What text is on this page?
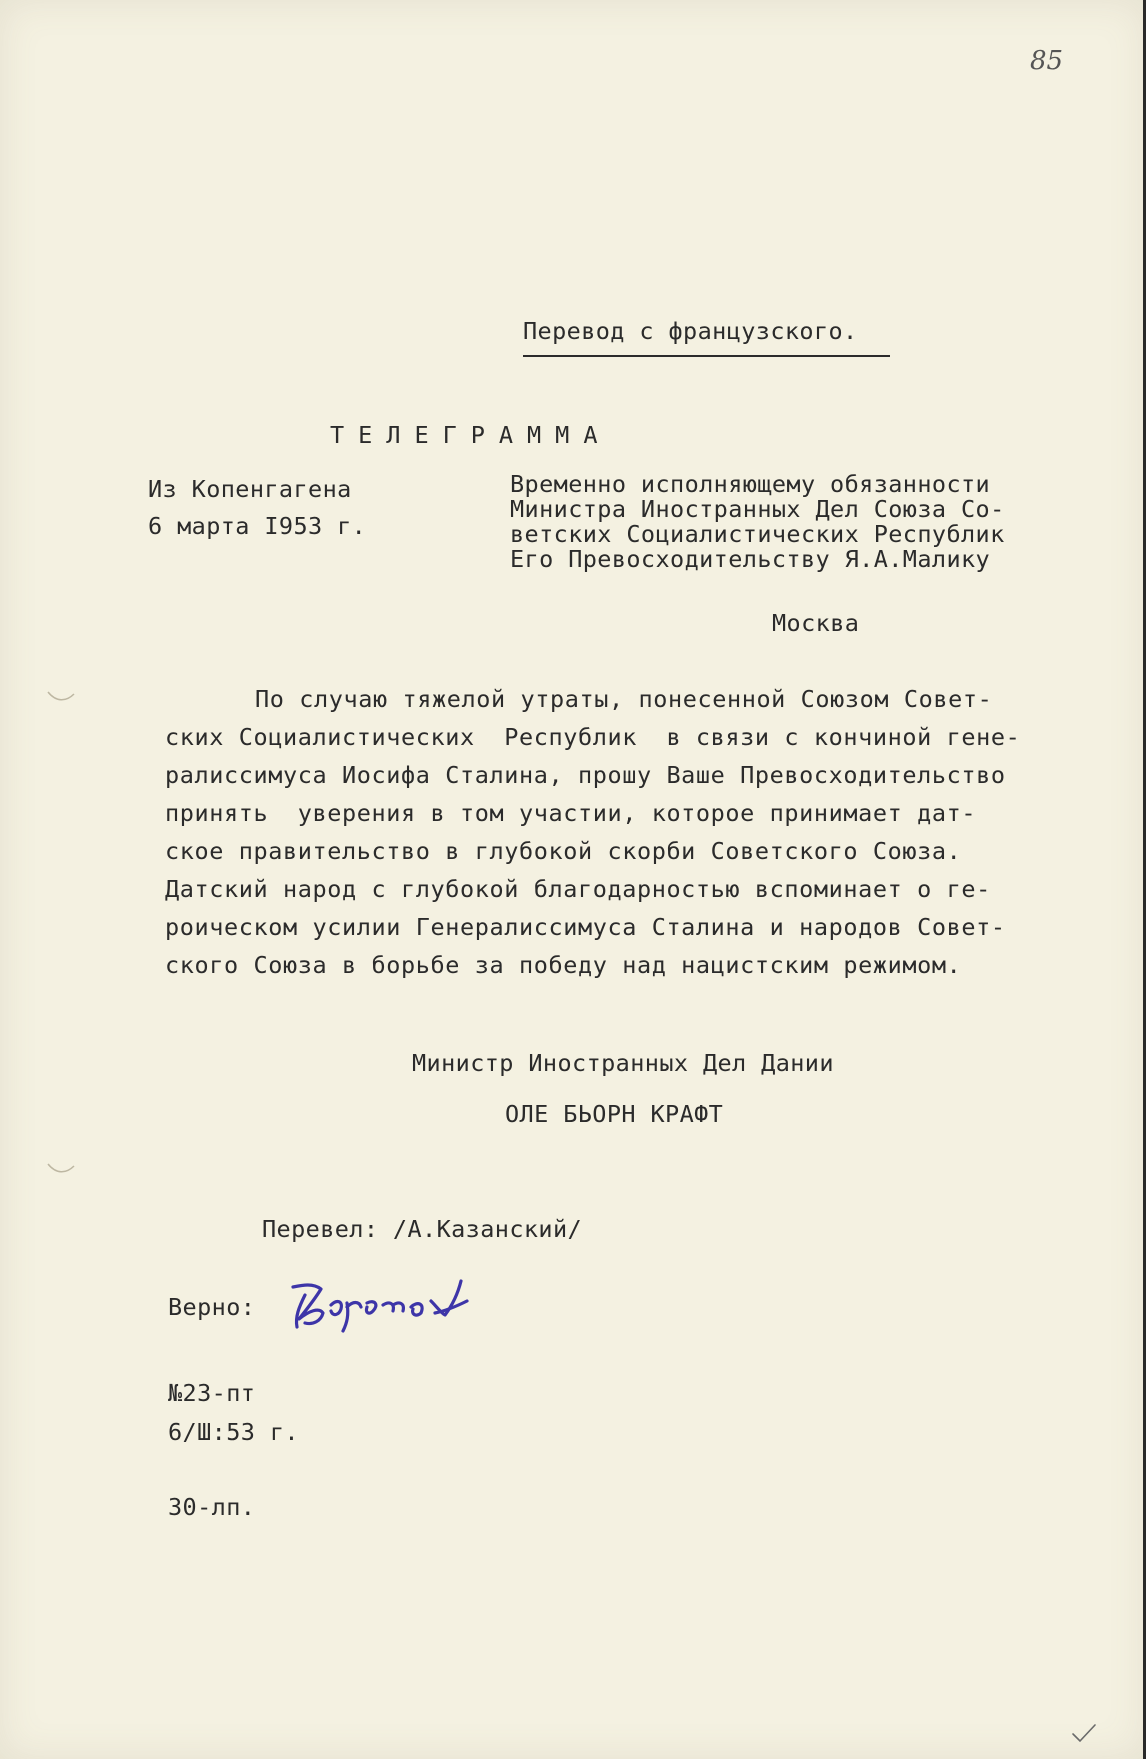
85
Перевод с французского.
ТЕЛЕГРАММА
Из Копенгагена
6 марта I953 г.
Временно исполняющему обязанности
Министра Иностранных Дел Союза Со-
ветских Социалистических Республик
Его Превосходительству Я.А.Малику
Москва
По случаю тяжелой утраты, понесенной Союзом Совет-
ских Социалистических  Республик  в связи с кончиной гене-
ралиссимуса Иосифа Сталина, прошу Ваше Превосходительство
принять  уверения в том участии, которое принимает дат-
ское правительство в глубокой скорби Советского Союза.
Датский народ с глубокой благодарностью вспоминает о ге-
роическом усилии Генералиссимуса Сталина и народов Совет-
ского Союза в борьбе за победу над нацистским режимом.
Министр Иностранных Дел Дании
ОЛЕ БЬОРН КРАФТ
Перевел: /А.Казанский/
Верно:
№23-пт
6/Ш:53 г.
30-лп.
